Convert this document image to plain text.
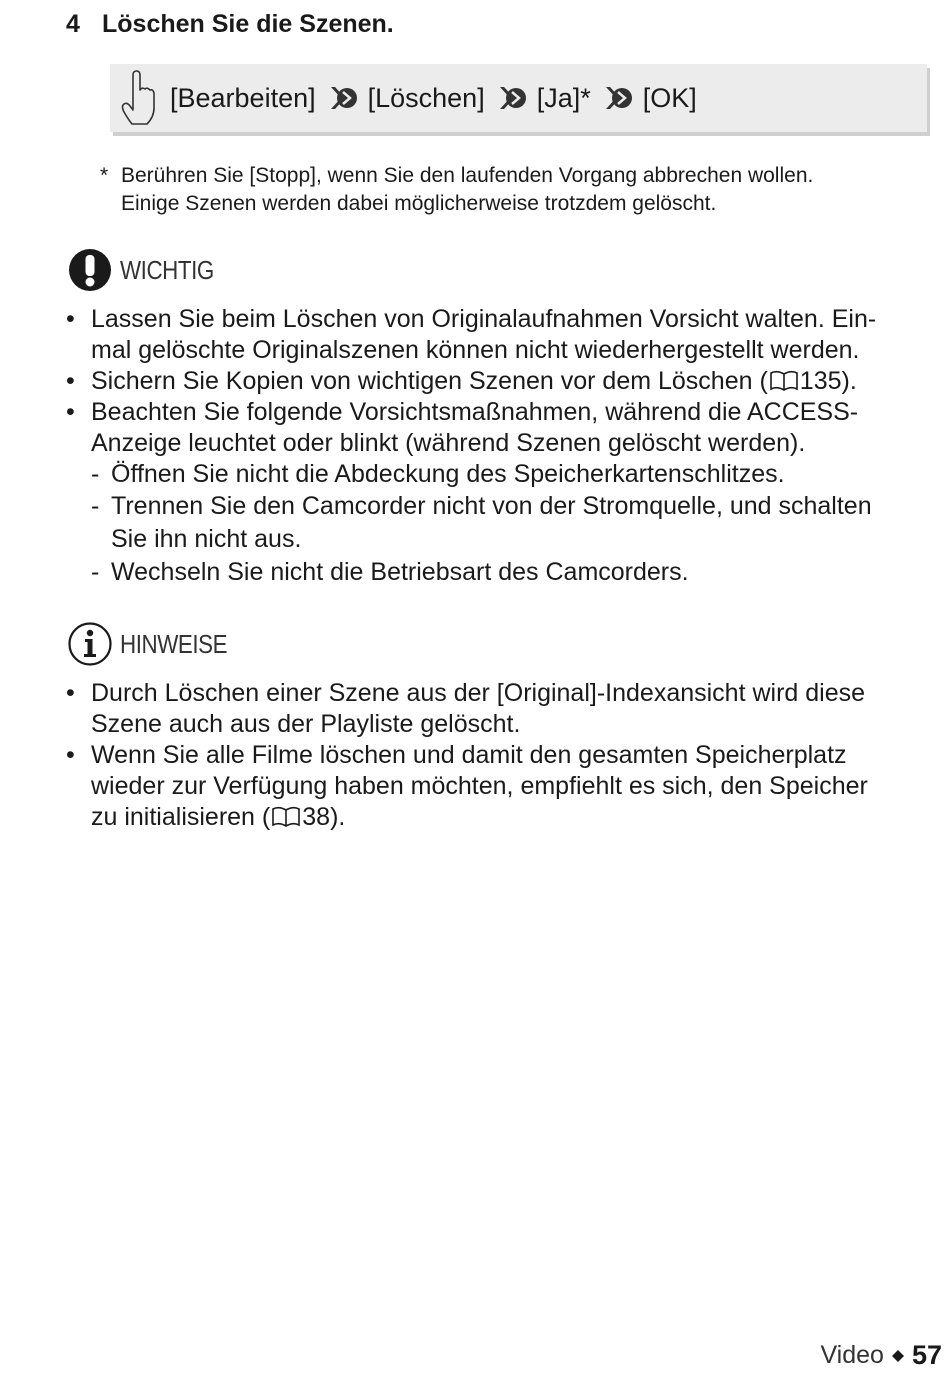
4 Löschen Sie die Szenen.
[Bearbeiten] [Löschen] [Ja]* [OK]
* Berühren Sie [Stopp], wenn Sie den laufenden Vorgang abbrechen wollen.
Einige Szenen werden dabei möglicherweise trotzdem gelöscht.
WICHTIG
• Lassen Sie beim Löschen von Originalaufnahmen Vorsicht walten. Ein-
mal gelöschte Originalszenen können nicht wiederhergestellt werden.
• Sichern Sie Kopien von wichtigen Szenen vor dem Löschen ( 135).
• Beachten Sie folgende Vorsichtsmaßnahmen, während die ACCESS-
Anzeige leuchtet oder blinkt (während Szenen gelöscht werden).
- Öffnen Sie nicht die Abdeckung des Speicherkartenschlitzes.
- Trennen Sie den Camcorder nicht von der Stromquelle, und schalten
Sie ihn nicht aus.
- Wechseln Sie nicht die Betriebsart des Camcorders.
HINWEISE
• Durch Löschen einer Szene aus der [Original]-Indexansicht wird diese
Szene auch aus der Playliste gelöscht.
• Wenn Sie alle Filme löschen und damit den gesamten Speicherplatz
wieder zur Verfügung haben möchten, empfiehlt es sich, den Speicher
zu initialisieren ( 38).
Video 57
